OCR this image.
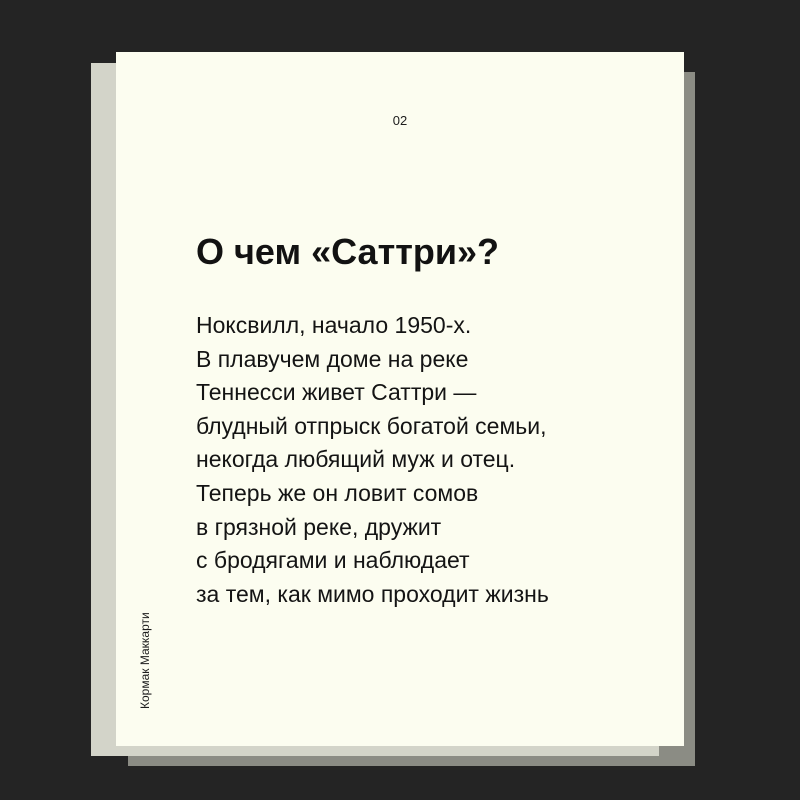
02

О чем «Саттри»?
Ноксвилл, начало 1950-х.
В плавучем доме на реке
Теннесси живет Саттри —
блудный отпрыск богатой семьи,
некогда любящий муж и отец.
Теперь же он ловит сомов
в грязной реке, дружит
с бродягами и наблюдает
за тем, как мимо проходит жизнь

Кормак Маккарти
